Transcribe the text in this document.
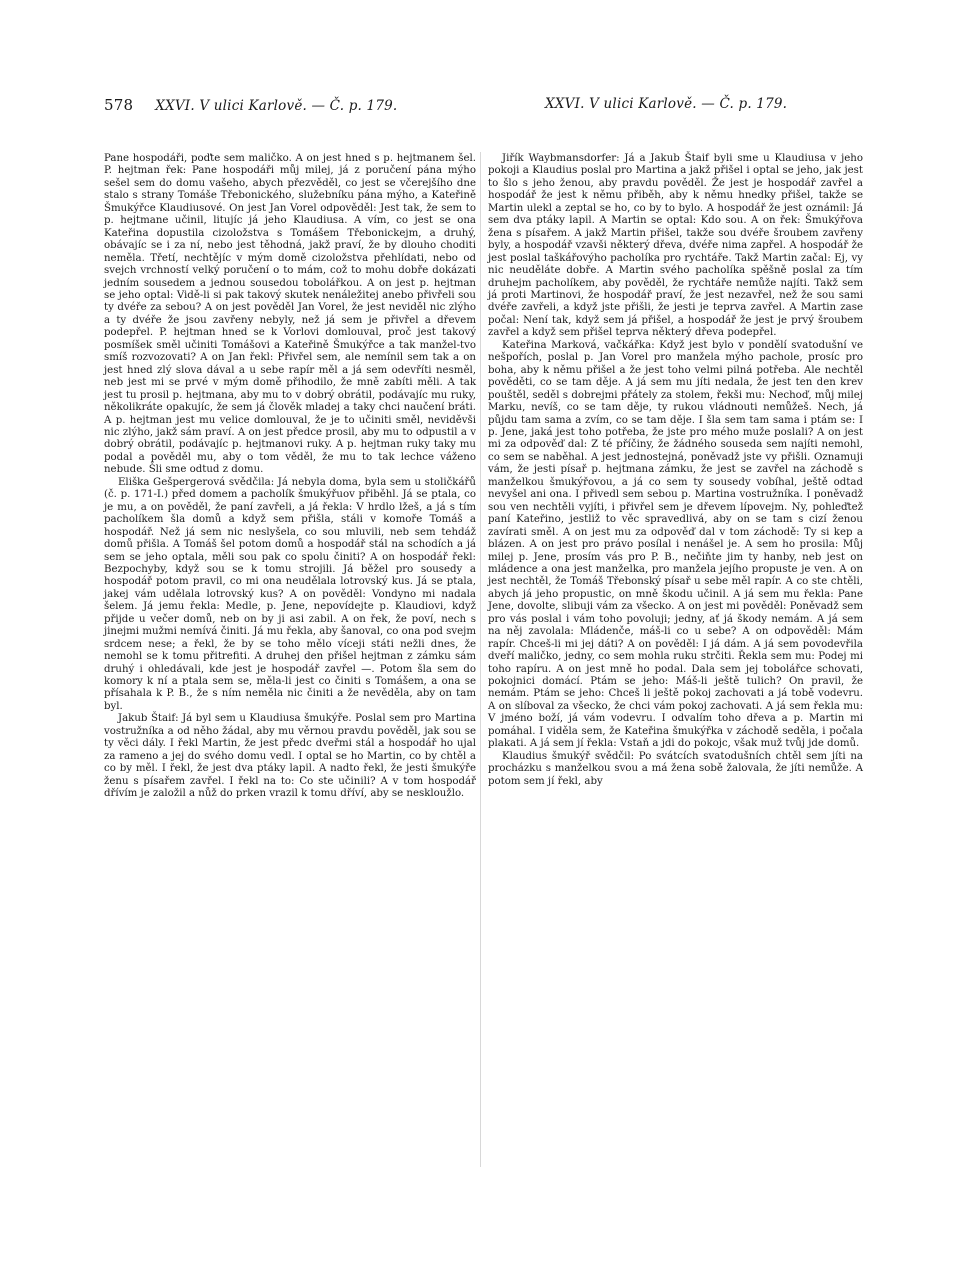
578 XXVI. V ulici Karlově. — Č. p. 179.	XXVI. V ulici Karlově. — Č. p. 179.

Pane hospodáři, poďte sem maličko. A on jest hned s p. hejtmanem šel. P. hejtman řek: Pane hospodáři můj milej, já z poručení pána mýho sešel sem do domu vašeho, abych přezvěděl, co jest se včerejšího dne stalo s strany Tomáše Třebonického, služebníku pána mýho, a Kateřině Šmukýřce Klaudiusové. On jest Jan Vorel odpověděl: Jest tak, že sem to p. hejtmane učinil, litujíc já jeho Klaudiusa. A vím, co jest se ona Kateřina dopustila cizoložstva s Tomášem Třebonickejm, a druhý, obávajíc se i za ní, nebo jest těhodná, jakž praví, že by dlouho choditi neměla. Třetí, nechtějíc v mým domě cizoložstva přehlídati, nebo od svejch vrchností velký poručení o to mám, což to mohu dobře dokázati jedním sousedem a jednou sousedou tobolářkou. A on jest p. hejtman se jeho optal: Vidě-li si pak takový skutek nenáležitej anebo přivřeli sou ty dvéře za sebou? A on jest pověděl Jan Vorel, že jest neviděl nic zlýho a ty dvéře že jsou zavřeny nebyly, než já sem je přivřel a dřevem podepřel. P. hejtman hned se k Vorlovi domlouval, proč jest takový posmíšek směl učiniti Tomášovi a Kateřině Šmukýřce a tak manžel-tvo smíš rozvozovati? A on Jan řekl: Přivřel sem, ale nemínil sem tak a on jest hned zlý slova dával a u sebe rapír měl a já sem odevříti nesměl, neb jest mi se prvé v mým domě přihodilo, že mně zabíti měli. A tak jest tu prosil p. hejtmana, aby mu to v dobrý obrátil, podávajíc mu ruky, několikráte opakujíc, že sem já člověk mladej a taky chci naučení bráti. A p. hejtman jest mu velice domlouval, že je to učiniti směl, neviděvši nic zlýho, jakž sám praví. A on jest předce prosil, aby mu to odpustil a v dobrý obrátil, podávajíc p. hejtmanovi ruky. A p. hejtman ruky taky mu podal a pověděl mu, aby o tom věděl, že mu to tak lechce váženo nebude. Šli sme odtud z domu.

Eliška Gešpergerová svědčila: Já nebyla doma, byla sem u stoličkářů (č. p. 171-I.) před domem a pacholík šmukýřuov přiběhl. Já se ptala, co je mu, a on pověděl, že paní zavřeli, a já řekla: V hrdlo lžeš, a já s tím pacholíkem šla domů a když sem přišla, stáli v komoře Tomáš a hospodář. Než já sem nic neslyšela, co sou mluvili, neb sem tehdáž domů přišla. A Tomáš šel potom domů a hospodář stál na schodích a já sem se jeho optala, měli sou pak co spolu činiti? A on hospodář řekl: Bezpochyby, když sou se k tomu strojili. Já běžel pro sousedy a hospodář potom pravil, co mi ona neudělala lotrovský kus. Já se ptala, jakej vám udělala lotrovský kus? A on pověděl: Vondyno mi nadala šelem. Já jemu řekla: Medle, p. Jene, nepovídejte p. Klaudiovi, když přijde u večer domů, neb on by ji asi zabil. A on řek, že poví, nech s jinejmi mužmi nemívá činiti. Já mu řekla, aby šanoval, co ona pod svejm srdcem nese; a řekl, že by se toho mělo víceji státi nežli dnes, že nemohl se k tomu přitrefiti. A druhej den přišel hejtman z zámku sám druhý i ohledávali, kde jest je hospodář zavřel —. Potom šla sem do komory k ní a ptala sem se, měla-li jest co činiti s Tomášem, a ona se přísahala k P. B., že s ním neměla nic činiti a že nevěděla, aby on tam byl.

Jakub Štaif: Já byl sem u Klaudiusa šmukýře. Poslal sem pro Martina vostružníka a od něho žádal, aby mu věrnou pravdu pověděl, jak sou se ty věci dály. I řekl Martin, že jest předc dveřmi stál a hospodář ho ujal za rameno a jej do svého domu vedl. I optal se ho Martin, co by chtěl a co by měl. I řekl, že jest dva ptáky lapil. A nadto řekl, že jesti šmukýře ženu s písařem zavřel. I řekl na to: Co ste učinili? A v tom hospodář dřívím je založil a nůž do prken vrazil k tomu dříví, aby se neskloužlo.

Jiřík Waybmansdorfer: Já a Jakub Štaif byli sme u Klaudiusa v jeho pokoji a Klaudius poslal pro Martina a jakž přišel i optal se jeho, jak jest to šlo s jeho ženou, aby pravdu pověděl. Že jest je hospodář zavřel a hospodář že jest k němu přiběh, aby k němu hnedky přišel, takže se Martin ulekl a zeptal se ho, co by to bylo. A hospodář že jest oznámil: Já sem dva ptáky lapil. A Martin se optal: Kdo sou. A on řek: Šmukýřova žena s písařem. A jakž Martin přišel, takže sou dvéře šroubem zavřeny byly, a hospodář vzavši některý dřeva, dvéře nima zapřel. A hospodář že jest poslal taškářovýho pacholíka pro rychtáře. Takž Martin začal: Ej, vy nic neuděláte dobře. A Martin svého pacholíka spěšně poslal za tím druhejm pacholíkem, aby pověděl, že rychtáře nemůže najíti. Takž sem já proti Martinovi, že hospodář praví, že jest nezavřel, než že sou sami dvéře zavřeli, a když jste přišli, že jesti je teprva zavřel. A Martin zase počal: Není tak, když sem já přišel, a hospodář že jest je prvý šroubem zavřel a když sem přišel teprva některý dřeva podepřel.

Kateřina Marková, vačkářka: Když jest bylo v pondělí svatodušní ve nešpořích, poslal p. Jan Vorel pro manžela mýho pachole, prosíc pro boha, aby k němu přišel a že jest toho velmi pilná potřeba. Ale nechtěl pověděti, co se tam děje. A já sem mu jíti nedala, že jest ten den krev pouštěl, seděl s dobrejmi přátely za stolem, řekši mu: Nechoď, můj milej Marku, nevíš, co se tam děje, ty rukou vládnouti nemůžeš. Nech, já půjdu tam sama a zvím, co se tam děje. I šla sem tam sama i ptám se: I p. Jene, jaká jest toho potřeba, že jste pro mého muže poslali? A on jest mi za odpověď dal: Z té příčiny, že žádného souseda sem najíti nemohl, co sem se naběhal. A jest jednostejná, poněvadž jste vy přišli. Oznamuji vám, že jesti písař p. hejtmana zámku, že jest se zavřel na záchodě s manželkou šmukýřovou, a já co sem ty sousedy vobíhal, ještě odtad nevyšel ani ona. I přivedl sem sebou p. Martina vostružníka. I poněvadž sou ven nechtěli vyjíti, i přivřel sem je dřevem lípovejm. Ny, pohleďtež paní Kateřino, jestliž to věc spravedlivá, aby on se tam s cizí ženou zavírati směl. A on jest mu za odpověď dal v tom záchodě: Ty si kep a blázen. A on jest pro právo posílal i nenášel je. A sem ho prosila: Můj milej p. Jene, prosím vás pro P. B., nečiňte jim ty hanby, neb jest on mládence a ona jest manželka, pro manžela jejího propuste je ven. A on jest nechtěl, že Tomáš Třebonský písař u sebe měl rapír. A co ste chtěli, abych já jeho propustic, on mně škodu učinil. A já sem mu řekla: Pane Jene, dovolte, slibuji vám za všecko. A on jest mi pověděl: Poněvadž sem pro vás poslal i vám toho povoluji; jedny, ať já škody nemám. A já sem na něj zavolala: Mládenče, máš-li co u sebe? A on odpověděl: Mám rapír. Chceš-li mi jej dáti? A on pověděl: I já dám. A já sem povodevřila dveří maličko, jedny, co sem mohla ruku strčiti. Řekla sem mu: Podej mi toho rapíru. A on jest mně ho podal. Dala sem jej tobolářce schovati, pokojnici domácí. Ptám se jeho: Máš-li ještě tulich? On pravil, že nemám. Ptám se jeho: Chceš li ještě pokoj zachovati a já tobě vodevru. A on slíboval za všecko, že chci vám pokoj zachovati. A já sem řekla mu: V jméno boží, já vám vodevru. I odvalím toho dřeva a p. Martin mi pomáhal. I viděla sem, že Kateřina šmukýřka v záchodě seděla, i počala plakati. A já sem jí řekla: Vstaň a jdi do pokojc, však muž tvůj jde domů.

Klaudius šmukýř svědčil: Po svátcích svatodušních chtěl sem jíti na procházku s manželkou svou a má žena sobě žalovala, že jíti nemůže. A potom sem jí řekl, aby
